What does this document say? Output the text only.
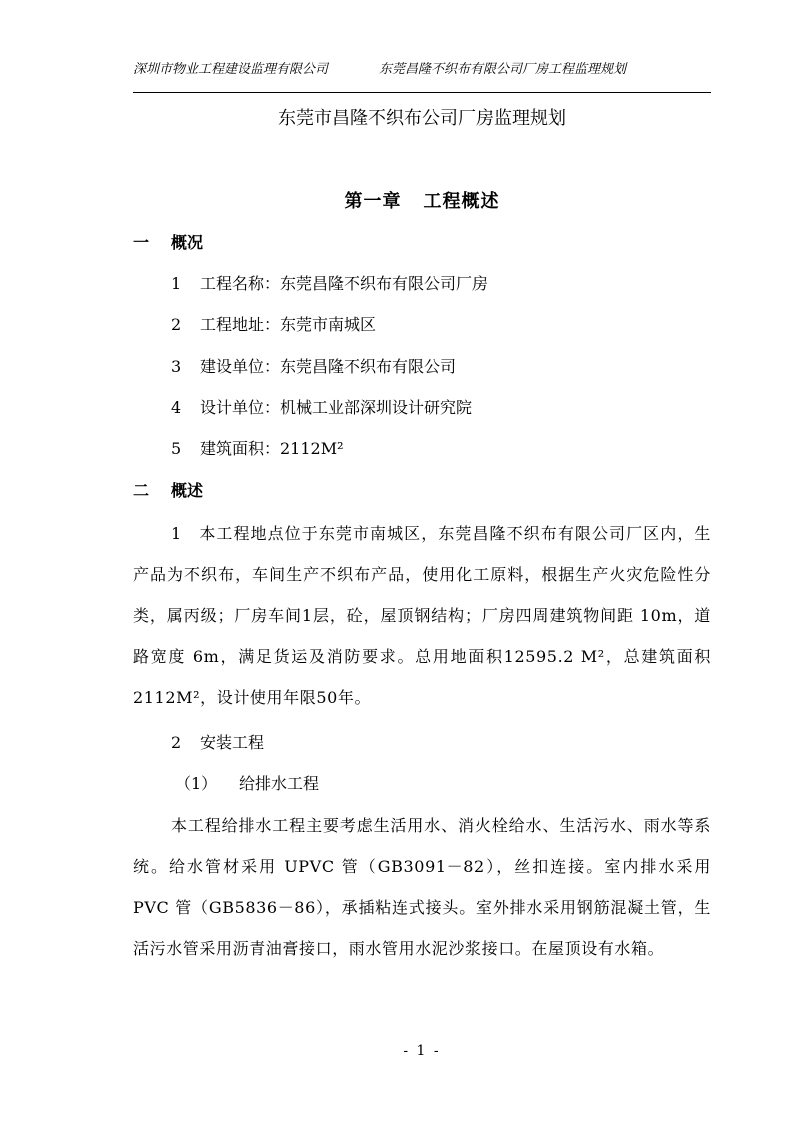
深圳市物业工程建设监理有限公司	东莞昌隆不织布有限公司厂房工程监理规划
东莞市昌隆不织布公司厂房监理规划
第一章 工程概述
一 概况
1 工程名称：东莞昌隆不织布有限公司厂房
2 工程地址：东莞市南城区
3 建设单位：东莞昌隆不织布有限公司
4 设计单位：机械工业部深圳设计研究院
5 建筑面积：2112M²
二 概述
1　本工程地点位于东莞市南城区，东莞昌隆不织布有限公司厂区内，生产品为不织布，车间生产不织布产品，使用化工原料，根据生产火灾危险性分类，属丙级；厂房车间1层，砼，屋顶钢结构；厂房四周建筑物间距 10m，道路宽度 6m，满足货运及消防要求。总用地面积12595.2 M²，总建筑面积 2112M²，设计使用年限50年。
2 安装工程
（1） 给排水工程
本工程给排水工程主要考虑生活用水、消火栓给水、生活污水、雨水等系统。给水管材采用 UPVC 管（GB3091－82），丝扣连接。室内排水采用 PVC 管（GB5836－86），承插粘连式接头。室外排水采用钢筋混凝土管，生活污水管采用沥青油膏接口，雨水管用水泥沙浆接口。在屋顶设有水箱。
- 1 -
